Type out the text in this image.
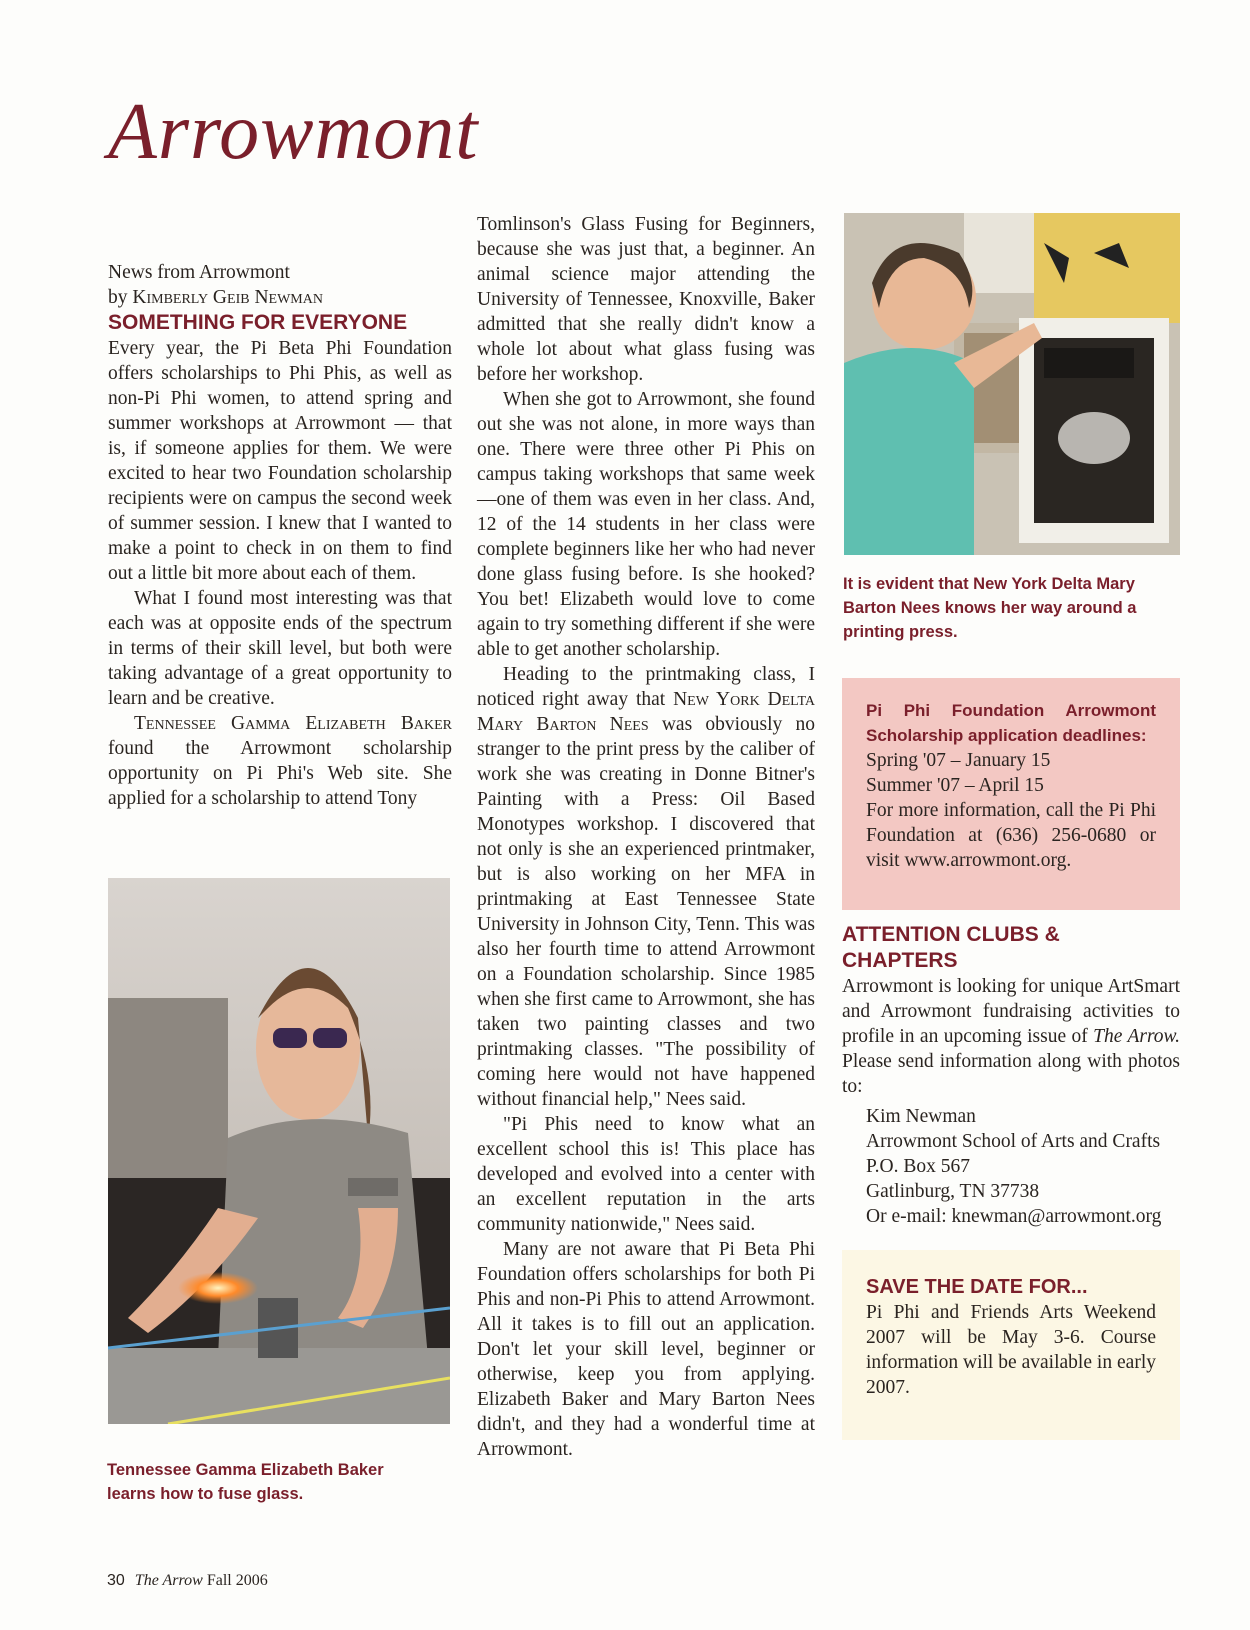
Arrowmont

News from Arrowmont

by Kimberly Geib Newman

SOMETHING FOR EVERYONE

Every year, the Pi Beta Phi Foundation offers scholarships to Phi Phis, as well as non-Pi Phi women, to attend spring and summer workshops at Arrowmont — that is, if someone applies for them. We were excited to hear two Foundation scholarship recipients were on campus the second week of summer session. I knew that I wanted to make a point to check in on them to find out a little bit more about each of them.

What I found most interesting was that each was at opposite ends of the spectrum in terms of their skill level, but both were taking advantage of a great opportunity to learn and be creative.

Tennessee Gamma Elizabeth Baker found the Arrowmont scholarship opportunity on Pi Phi's Web site. She applied for a scholarship to attend Tony

Tennessee Gamma Elizabeth Baker learns how to fuse glass.

Tomlinson's Glass Fusing for Beginners, because she was just that, a beginner. An animal science major attending the University of Tennessee, Knoxville, Baker admitted that she really didn't know a whole lot about what glass fusing was before her workshop.

When she got to Arrowmont, she found out she was not alone, in more ways than one. There were three other Pi Phis on campus taking workshops that same week—one of them was even in her class. And, 12 of the 14 students in her class were complete beginners like her who had never done glass fusing before. Is she hooked? You bet! Elizabeth would love to come again to try something different if she were able to get another scholarship.

Heading to the printmaking class, I noticed right away that New York Delta Mary Barton Nees was obviously no stranger to the print press by the caliber of work she was creating in Donne Bitner's Painting with a Press: Oil Based Monotypes workshop. I discovered that not only is she an experienced printmaker, but is also working on her MFA in printmaking at East Tennessee State University in Johnson City, Tenn. This was also her fourth time to attend Arrowmont on a Foundation scholarship. Since 1985 when she first came to Arrowmont, she has taken two painting classes and two printmaking classes. "The possibility of coming here would not have happened without financial help," Nees said.

"Pi Phis need to know what an excellent school this is! This place has developed and evolved into a center with an excellent reputation in the arts community nationwide," Nees said.

Many are not aware that Pi Beta Phi Foundation offers scholarships for both Pi Phis and non-Pi Phis to attend Arrowmont. All it takes is to fill out an application. Don't let your skill level, beginner or otherwise, keep you from applying. Elizabeth Baker and Mary Barton Nees didn't, and they had a wonderful time at Arrowmont.

It is evident that New York Delta Mary Barton Nees knows her way around a printing press.
Pi Phi Foundation Arrowmont Scholarship application deadlines:
Spring '07 – January 15
Summer '07 – April 15
For more information, call the Pi Phi Foundation at (636) 256-0680 or visit www.arrowmont.org.

ATTENTION CLUBS & CHAPTERS

Arrowmont is looking for unique ArtSmart and Arrowmont fundraising activities to profile in an upcoming issue of The Arrow. Please send information along with photos to:

Kim Newman
Arrowmont School of Arts and Crafts
P.O. Box 567
Gatlinburg, TN 37738
Or e-mail: knewman@arrowmont.org
SAVE THE DATE FOR...
Pi Phi and Friends Arts Weekend 2007 will be May 3-6. Course information will be available in early 2007.
30 The Arrow Fall 2006
